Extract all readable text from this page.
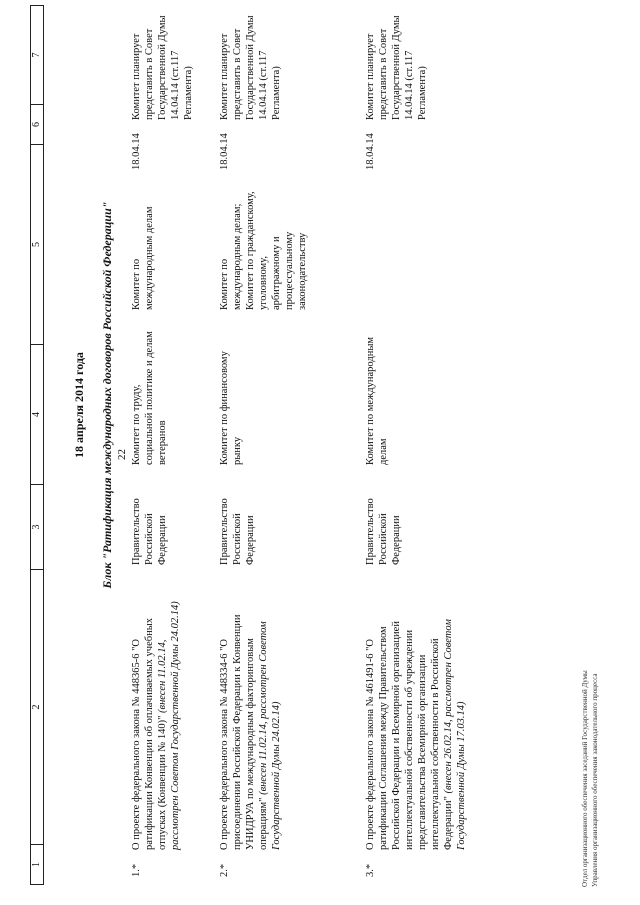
1
2
3
4
5
6
7
22
18 апреля 2014 года Блок "Ратификация международных договоров Российской Федерации"
1.*
О проекте федерального закона № 448365-6 "О ратификации Конвенции об оплачиваемых учебных отпусках (Конвенции № 140)" (внесен 11.02.14, рассмотрен Советом Государственной Думы 24.02.14)
Правительство Российской Федерации
Комитет по труду, социальной политике и делам ветеранов
Комитет по международным делам
18.04.14
Комитет планирует представить в Совет Государственной Думы 14.04.14 (ст.117 Регламента)
2.*
О проекте федерального закона № 448334-6 "О присоединении Российской Федерации к Конвенции УНИДРУА по международным факторинговым операциям" (внесен 11.02.14, рассмотрен Советом Государственной Думы 24.02.14)
Правительство Российской Федерации
Комитет по финансовому рынку
Комитет по международным делам; Комитет по гражданскому, уголовному, арбитражному и процессуальному законодательству
18.04.14
Комитет планирует представить в Совет Государственной Думы 14.04.14 (ст.117 Регламента)
3.*
О проекте федерального закона № 461491-6 "О ратификации Соглашения между Правительством Российской Федерации и Всемирной организацией интеллектуальной собственности об учреждении представительства Всемирной организации интеллектуальной собственности в Российской Федерации" (внесен 26.02.14, рассмотрен Советом Государственной Думы 17.03.14)
Правительство Российской Федерации
Комитет по международным делам
18.04.14
Комитет планирует представить в Совет Государственной Думы 14.04.14 (ст.117 Регламента)
Отдел организационного обеспечения заседаний Государственной Думы Управления организационного обеспечения законодательного процесса
